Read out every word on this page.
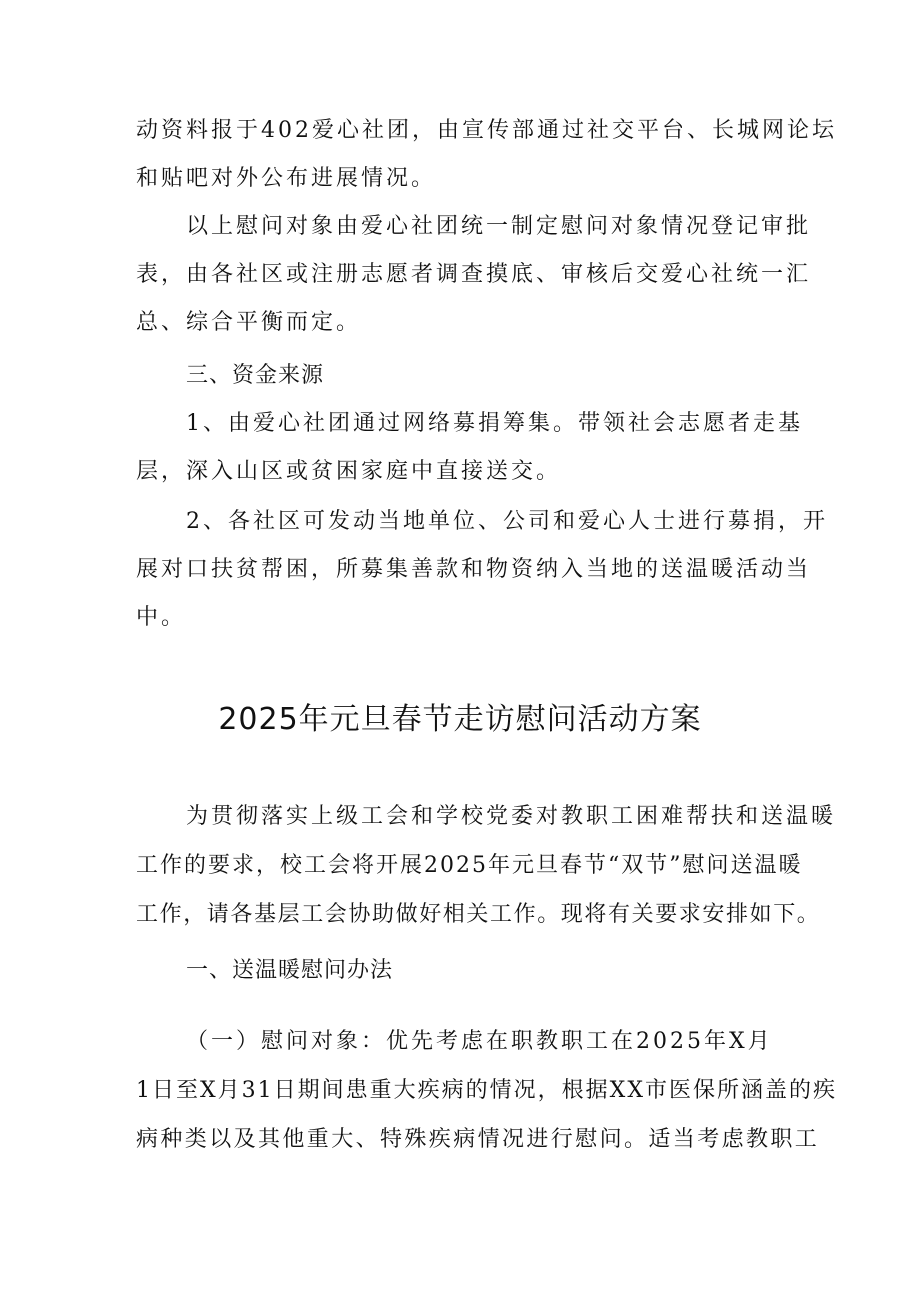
动资料报于402爱心社团，由宣传部通过社交平台、长城网论坛
和贴吧对外公布进展情况。
以上慰问对象由爱心社团统一制定慰问对象情况登记审批
表，由各社区或注册志愿者调查摸底、审核后交爱心社统一汇
总、综合平衡而定。
三、资金来源
1、由爱心社团通过网络募捐筹集。带领社会志愿者走基
层，深入山区或贫困家庭中直接送交。
2、各社区可发动当地单位、公司和爱心人士进行募捐，开
展对口扶贫帮困，所募集善款和物资纳入当地的送温暖活动当
中。
2025年元旦春节走访慰问活动方案
为贯彻落实上级工会和学校党委对教职工困难帮扶和送温暖
工作的要求，校工会将开展2025年元旦春节“双节”慰问送温暖
工作，请各基层工会协助做好相关工作。现将有关要求安排如下。
一、送温暖慰问办法
（一）慰问对象：优先考虑在职教职工在2025年X月
1日至X月31日期间患重大疾病的情况，根据XX市医保所涵盖的疾
病种类以及其他重大、特殊疾病情况进行慰问。适当考虑教职工
